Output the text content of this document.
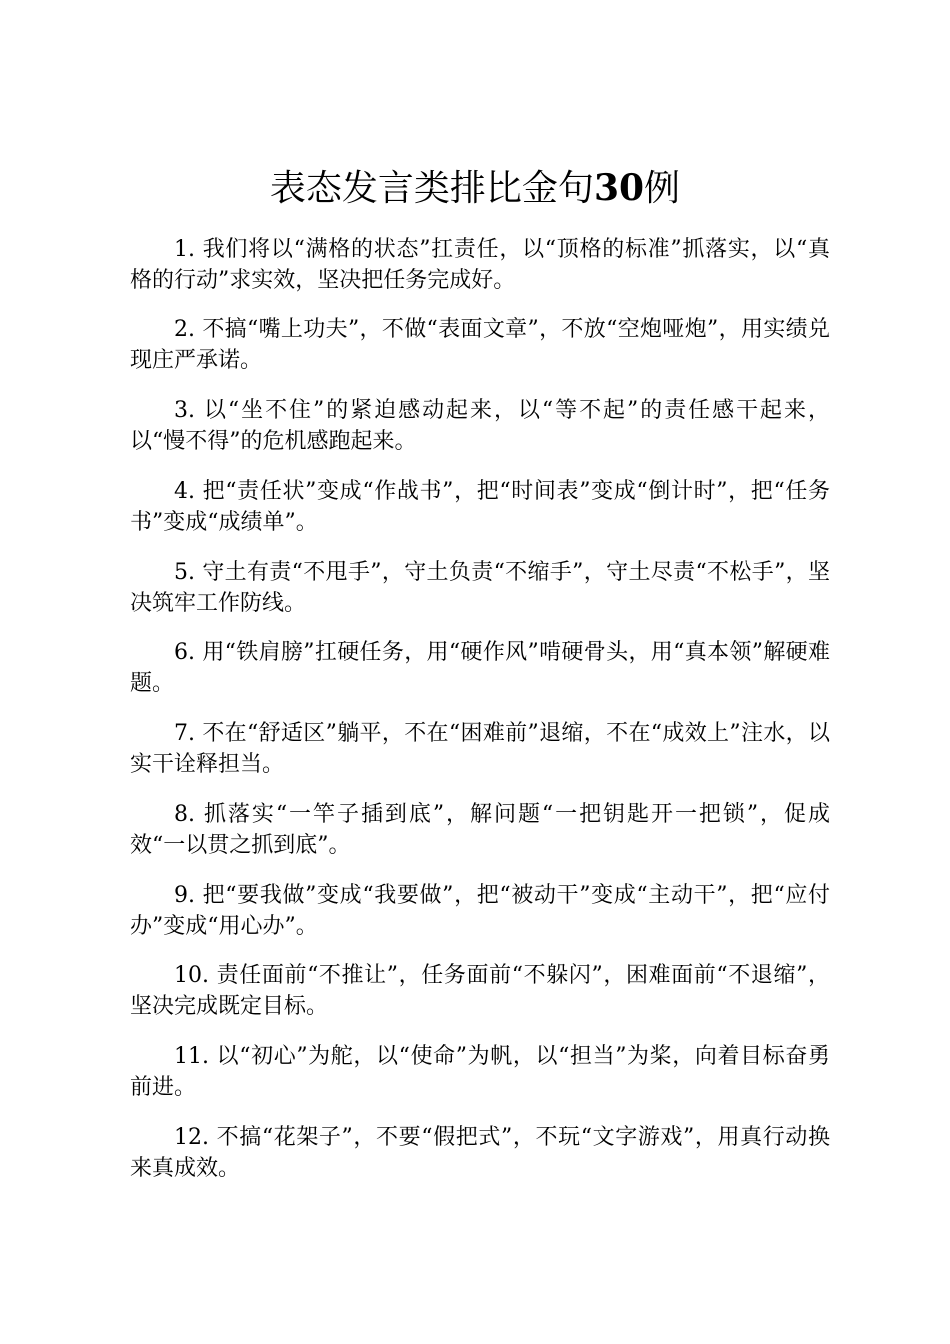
表态发言类排比金句30例

1. 我们将以“满格的状态”扛责任，以“顶格的标准”抓落实，以“真格的行动”求实效，坚决把任务完成好。

2. 不搞“嘴上功夫”，不做“表面文章”，不放“空炮哑炮”，用实绩兑现庄严承诺。

3. 以“坐不住”的紧迫感动起来，以“等不起”的责任感干起来，以“慢不得”的危机感跑起来。

4. 把“责任状”变成“作战书”，把“时间表”变成“倒计时”，把“任务书”变成“成绩单”。

5. 守土有责“不甩手”，守土负责“不缩手”，守土尽责“不松手”，坚决筑牢工作防线。

6. 用“铁肩膀”扛硬任务，用“硬作风”啃硬骨头，用“真本领”解硬难题。

7. 不在“舒适区”躺平，不在“困难前”退缩，不在“成效上”注水，以实干诠释担当。

8. 抓落实“一竿子插到底”，解问题“一把钥匙开一把锁”，促成效“一以贯之抓到底”。

9. 把“要我做”变成“我要做”，把“被动干”变成“主动干”，把“应付办”变成“用心办”。

10. 责任面前“不推让”，任务面前“不躲闪”，困难面前“不退缩”，坚决完成既定目标。

11. 以“初心”为舵，以“使命”为帆，以“担当”为桨，向着目标奋勇前进。

12. 不搞“花架子”，不要“假把式”，不玩“文字游戏”，用真行动换来真成效。
